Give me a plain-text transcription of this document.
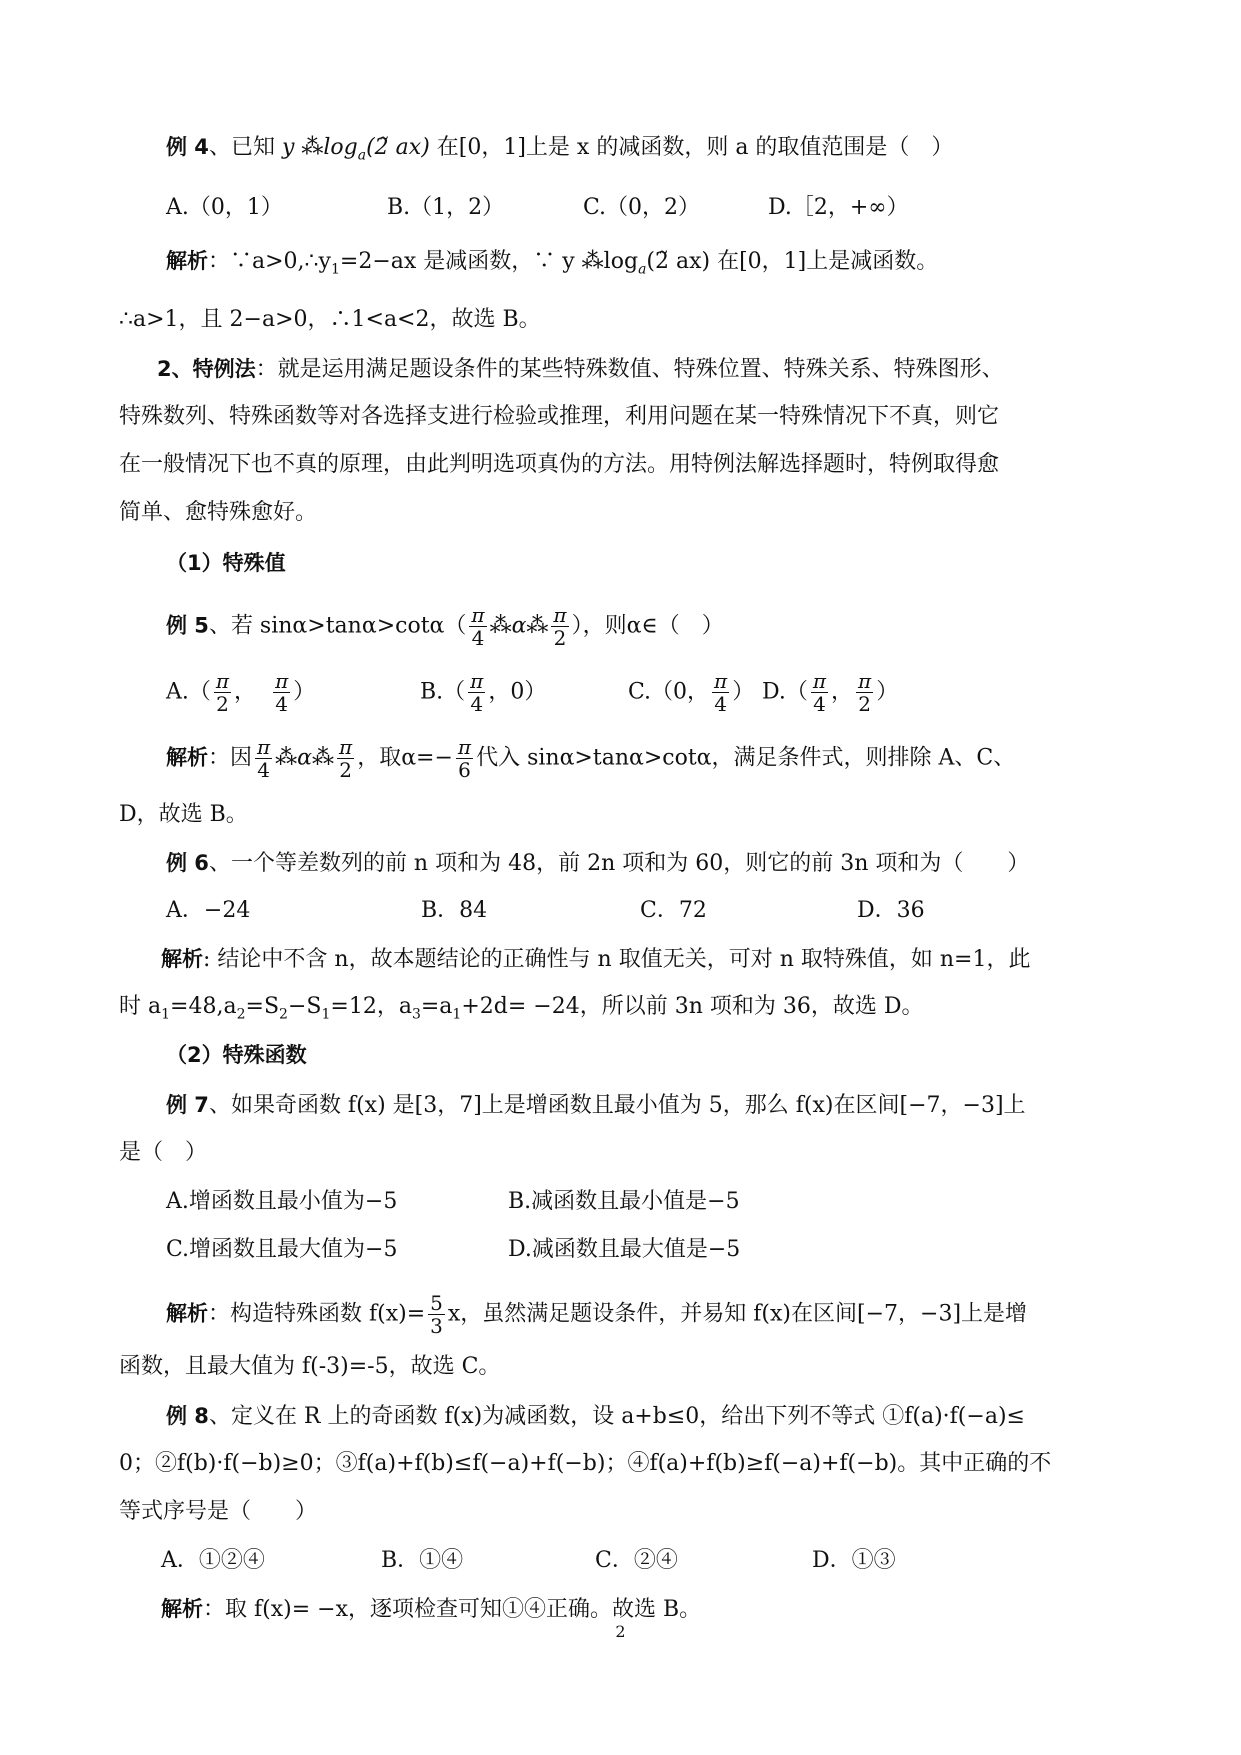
例 4、已知 y $⁂\log_a(2̃$ ax) 在[0，1]上是 x 的减函数，则 a 的取值范围是（　）
A.（0，1）	B.（1，2）	C.（0，2）	D.［2，+∞）
解析：$\because a>0,\therefore y_1=2-ax$ 是减函数，∵ y $⁂\log_a(2̃$ ax) 在[0，1]上是减函数。
∴a>1，且 2−a>0，∴1<a<2，故选 B。
2、特例法：就是运用满足题设条件的某些特殊数值、特殊位置、特殊关系、特殊图形、
特殊数列、特殊函数等对各选择支进行检验或推理，利用问题在某一特殊情况下不真，则它
在一般情况下也不真的原理，由此判明选项真伪的方法。用特例法解选择题时，特例取得愈
简单、愈特殊愈好。
（1）特殊值
例 5、若 $\sin\alpha>\tan\alpha>\cot\alpha( \frac{\pi}{4}$ ⁂α⁂ $\frac{\pi}{2}$ ），则α∈（　）
$A.( \frac{\pi}{2}$ ， $\frac{\pi}{4}$ ）	$B.( \frac{\pi}{4}$ ，0）	C.（0， $\frac{\pi}{4}$ ） $D.( \frac{\pi}{4}$ ， $\frac{\pi}{2}$ ）
解析：因 $\frac{\pi}{4}$ ⁂α⁂ $\frac{\pi}{2}$ ，取$\alpha=- \frac{\pi}{6}$ 代入 sinα>tanα>cotα，满足条件式，则排除 A、C、
D，故选 B。
例 6、一个等差数列的前 n 项和为 48，前 2n 项和为 60，则它的前 3n 项和为（　　）
A．−24	B．84	C．72	D．36
解析: 结论中不含 n，故本题结论的正确性与 n 取值无关，可对 n 取特殊值，如 n=1，此
时 $a_1=48,a_2=S_2-S_1=12$，$a_3=a_1+2d= -24$，所以前 3n 项和为 36，故选 D。
（2）特殊函数
例 7、如果奇函数 f(x) 是[3，7]上是增函数且最小值为 5，那么 f(x)在区间[−7，−3]上
是（　）
A.增函数且最小值为−5	B.减函数且最小值是−5
C.增函数且最大值为−5	D.减函数且最大值是−5
解析：构造特殊函数 $f(x)= \frac{5}{3}$ x，虽然满足题设条件，并易知 f(x)在区间[−7，−3]上是增
函数，且最大值为 f(-3)=-5，故选 C。
例 8、定义在 R 上的奇函数 f(x)为减函数，设 a+b≤0，给出下列不等式 ①f(a)·f(−a)≤
0；②f(b)·f(−b)≥0；③f(a)+f(b)≤f(−a)+f(−b)；④f(a)+f(b)≥f(−a)+f(−b)。其中正确的不
等式序号是（　　）
A．①②④	B．①④	C．②④	D．①③
解析：取 f(x)= −x，逐项检查可知①④正确。故选 B。
2
